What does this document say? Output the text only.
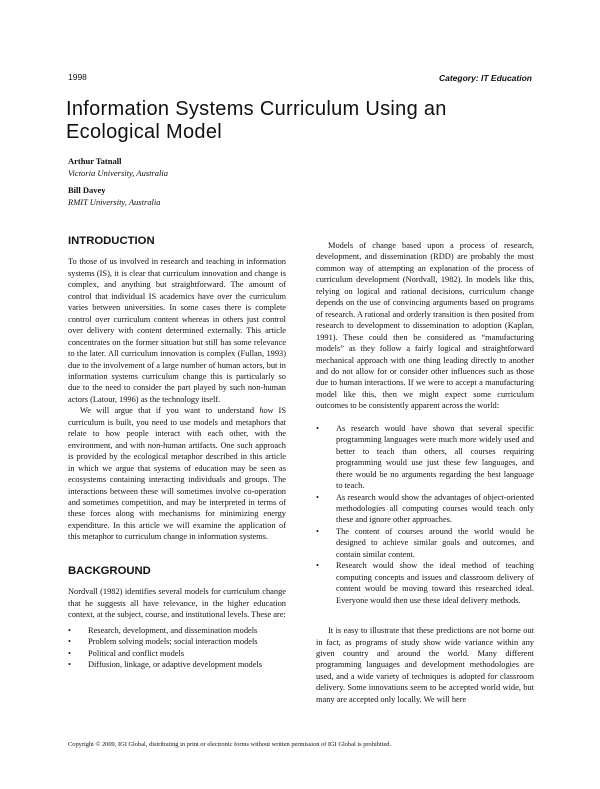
1998	Category: IT Education
Information Systems Curriculum Using an
Ecological Model
Arthur Tatnall
Victoria University, Australia
Bill Davey
RMIT University, Australia
INTRODUCTION

To those of us involved in research and teaching in information systems (IS), it is clear that curriculum innovation and change is complex, and anything but straightforward. The amount of control that individual IS academics have over the curriculum varies between universities. In some cases there is complete control over curriculum content whereas in others just control over delivery with content determined externally. This article concentrates on the former situation but still has some relevance to the later. All curriculum innovation is complex (Fullan, 1993) due to the involvement of a large number of human actors, but in information systems curriculum change this is particularly so due to the need to consider the part played by such non-human actors (Latour, 1996) as the technology itself.

We will argue that if you want to understand how IS curriculum is built, you need to use models and metaphors that relate to how people interact with each other, with the environment, and with non-human artifacts. One such approach is provided by the ecological metaphor described in this article in which we argue that systems of education may be seen as ecosystems containing interacting individuals and groups. The interactions between these will sometimes involve co-operation and sometimes competition, and may be interpreted in terms of these forces along with mechanisms for minimizing energy expenditure. In this article we will examine the application of this metaphor to curriculum change in information systems.

BACKGROUND

Nordvall (1982) identifies several models for curriculum change that he suggests all have relevance, in the higher education context, at the subject, course, and institutional levels. These are:

• Research, development, and dissemination models
• Problem solving models; social interaction models
• Political and conflict models
• Diffusion, linkage, or adaptive development models

Models of change based upon a process of research, development, and dissemination (RDD) are probably the most common way of attempting an explanation of the process of curriculum development (Nordvall, 1982). In models like this, relying on logical and rational decisions, curriculum change depends on the use of convincing arguments based on programs of research. A rational and orderly transition is then posited from research to development to dissemination to adoption (Kaplan, 1991). These could then be considered as “manufacturing models” as they follow a fairly logical and straightforward mechanical approach with one thing leading directly to another and do not allow for or consider other influences such as those due to human interactions. If we were to accept a manufacturing model like this, then we might expect some curriculum outcomes to be consistently apparent across the world:

• As research would have shown that several specific programming languages were much more widely used and better to teach than others, all courses requiring programming would use just these few languages, and there would be no arguments regarding the best language to teach.
• As research would show the advantages of object-oriented methodologies all computing courses would teach only these and ignore other approaches.
• The content of courses around the world would be designed to achieve similar goals and outcomes, and contain similar content.
• Research would show the ideal method of teaching computing concepts and issues and classroom delivery of content would be moving toward this researched ideal. Everyone would then use these ideal delivery methods.

It is easy to illustrate that these predictions are not borne out in fact, as programs of study show wide variance within any given country and around the world. Many different programming languages and development methodologies are used, and a wide variety of techniques is adopted for classroom delivery. Some innovations seem to be accepted world wide, but many are accepted only locally. We will here

Copyright © 2009, IGI Global, distributing in print or electronic forms without written permission of IGI Global is prohibited.
